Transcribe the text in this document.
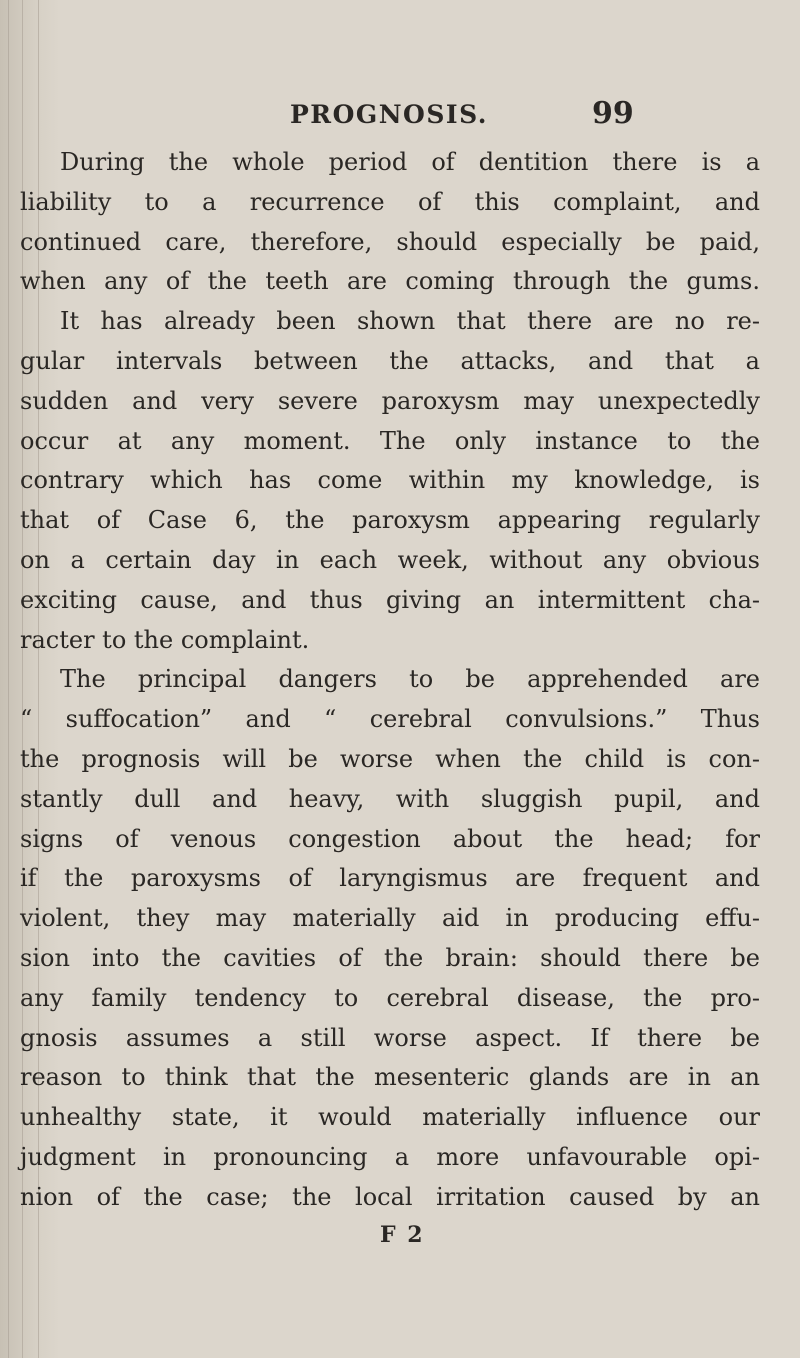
PROGNOSIS.	99
During the whole period of dentition there is a
liability to a recurrence of this complaint, and
continued care, therefore, should especially be paid,
when any of the teeth are coming through the gums.
It has already been shown that there are no re-
gular intervals between the attacks, and that a
sudden and very severe paroxysm may unexpectedly
occur at any moment. The only instance to the
contrary which has come within my knowledge, is
that of Case 6, the paroxysm appearing regularly
on a certain day in each week, without any obvious
exciting cause, and thus giving an intermittent cha-
racter to the complaint.
The principal dangers to be apprehended are
“ suffocation” and “ cerebral convulsions.” Thus
the prognosis will be worse when the child is con-
stantly dull and heavy, with sluggish pupil, and
signs of venous congestion about the head; for
if the paroxysms of laryngismus are frequent and
violent, they may materially aid in producing effu-
sion into the cavities of the brain: should there be
any family tendency to cerebral disease, the pro-
gnosis assumes a still worse aspect. If there be
reason to think that the mesenteric glands are in an
unhealthy state, it would materially influence our
judgment in pronouncing a more unfavourable opi-
nion of the case; the local irritation caused by an
F 2
